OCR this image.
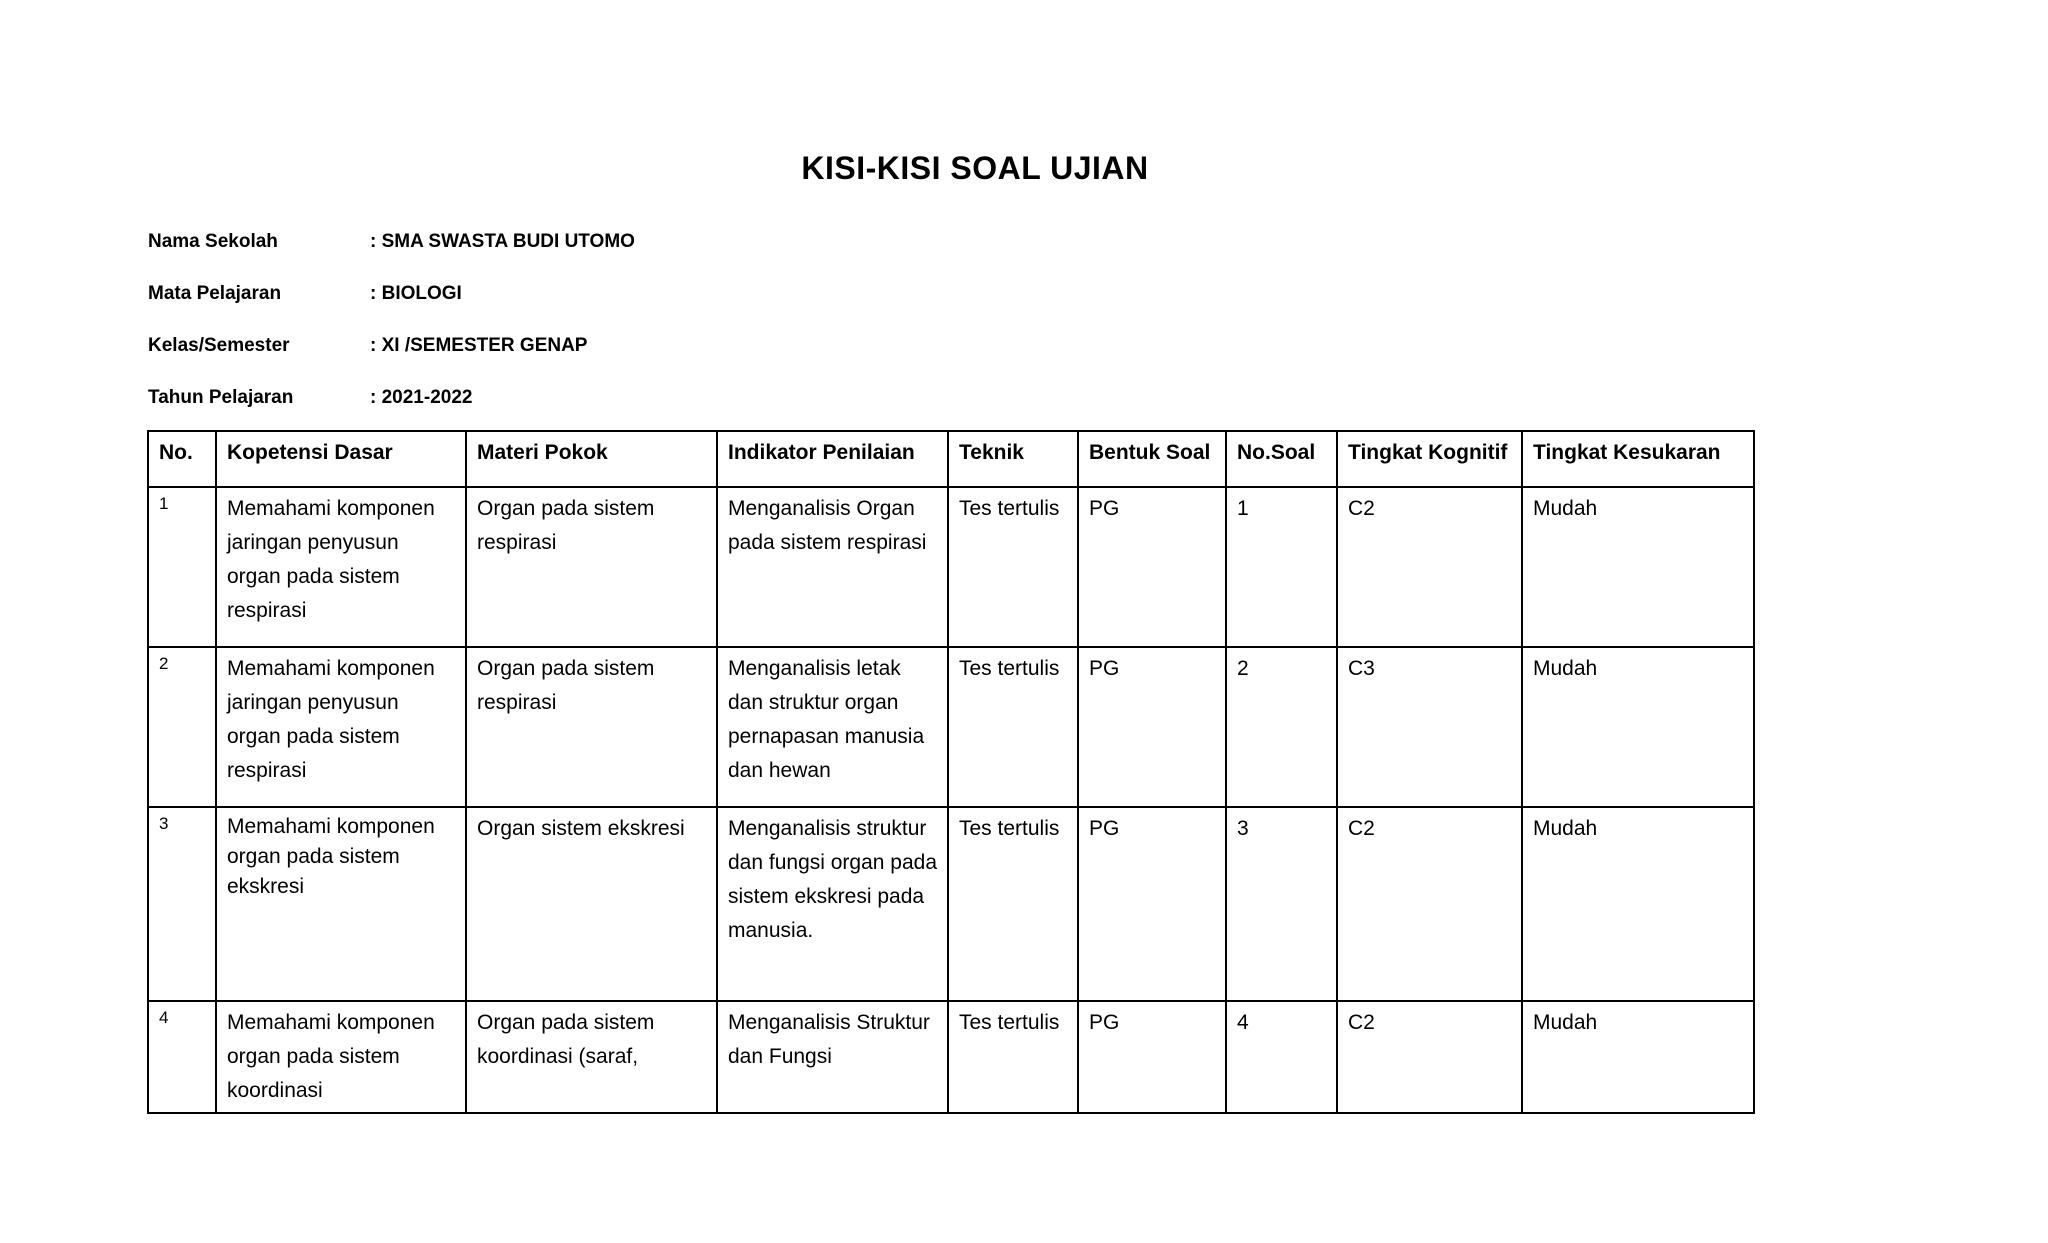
KISI-KISI SOAL UJIAN
Nama Sekolah	: SMA SWASTA BUDI UTOMO
Mata Pelajaran	: BIOLOGI
Kelas/Semester	: XI /SEMESTER GENAP
Tahun Pelajaran	: 2021-2022
No.	Kopetensi Dasar	Materi Pokok	Indikator Penilaian	Teknik	Bentuk Soal	No.Soal	Tingkat Kognitif	Tingkat Kesukaran
1	Memahami komponen jaringan penyusun organ pada sistem respirasi	Organ pada sistem respirasi	Menganalisis Organ pada sistem respirasi	Tes tertulis	PG	1	C2	Mudah
2	Memahami komponen jaringan penyusun organ pada sistem respirasi	Organ pada sistem respirasi	Menganalisis letak dan struktur organ pernapasan manusia dan hewan	Tes tertulis	PG	2	C3	Mudah
3	Memahami komponen organ pada sistem ekskresi	Organ sistem ekskresi	Menganalisis struktur dan fungsi organ pada sistem ekskresi pada manusia.	Tes tertulis	PG	3	C2	Mudah
4	Memahami komponen organ pada sistem koordinasi	Organ pada sistem koordinasi (saraf,	Menganalisis Struktur dan Fungsi	Tes tertulis	PG	4	C2	Mudah
